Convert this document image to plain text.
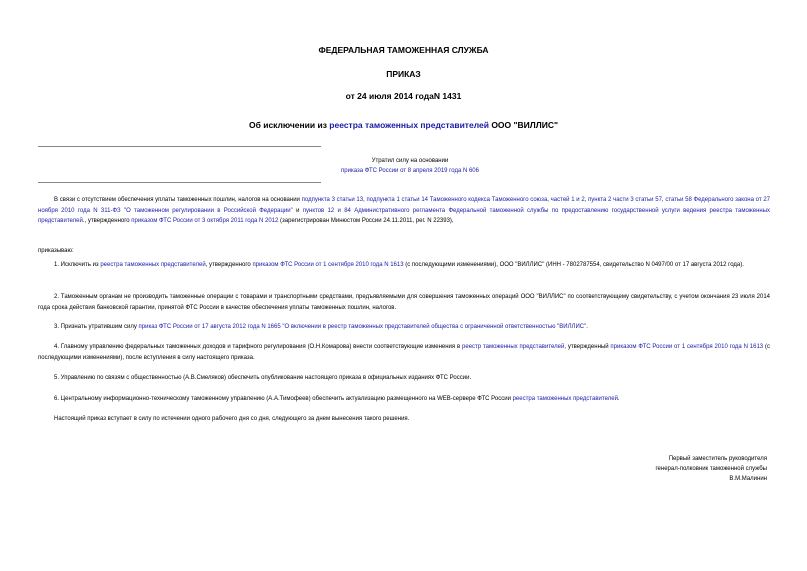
ФЕДЕРАЛЬНАЯ ТАМОЖЕННАЯ СЛУЖБА
ПРИКАЗ
от 24 июля 2014 годаN 1431
Об исключении из реестра таможенных представителей ООО "ВИЛЛИС"
Утратил силу на основании
приказа ФТС России от 8 апреля 2019 года N 606
В связи с отсутствием обеспечения уплаты таможенных пошлин, налогов на основании подпункта 3 статьи 13, подпункта 1 статьи 14 Таможенного кодекса Таможенного союза, частей 1 и 2, пункта 2 части 3 статьи 57, статьи 58 Федерального закона от 27 ноября 2010 года N 311-ФЗ "О таможенном регулировании в Российской Федерации" и пунктов 12 и 84 Административного регламента Федеральной таможенной службы по предоставлению государственной услуги ведения реестра таможенных представителей., утвержденного приказом ФТС России от 3 октября 2011 года N 2012 (зарегистрирован Минюстом России 24.11.2011, рег. N 22393),
приказываю:
1. Исключить из реестра таможенных представителей, утвержденного приказом ФТС России от 1 сентября 2010 года N 1613 (с последующими изменениями), ООО "ВИЛЛИС" (ИНН - 7802787554, свидетельство N 0497/00 от 17 августа 2012 года).
2. Таможенным органам не производить таможенные операции с товарами и транспортными средствами, предъявляемыми для совершения таможенных операций ООО "ВИЛЛИС" по соответствующему свидетельству, с учетом окончания 23 июля 2014 года срока действия банковской гарантии, принятой ФТС России в качестве обеспечения уплаты таможенных пошлин, налогов.
3. Признать утратившим силу приказ ФТС России от 17 августа 2012 года N 1665 "О включении в реестр таможенных представителей общества с ограниченной ответственностью "ВИЛЛИС".
4. Главному управлению федеральных таможенных доходов и тарифного регулирования (О.Н.Комарова) внести соответствующие изменения в реестр таможенных представителей, утвержденный приказом ФТС России от 1 сентября 2010 года N 1613 (с последующими изменениями), после вступления в силу настоящего приказа.
5. Управлению по связям с общественностью (А.В.Смеляков) обеспечить опубликование настоящего приказа в официальных изданиях ФТС России.
6. Центральному информационно-техническому таможенному управлению (А.А.Тимофеев) обеспечить актуализацию размещенного на WEB-сервере ФТС России реестра таможенных представителей.
Настоящий приказ вступает в силу по истечении одного рабочего дня со дня, следующего за днем вынесения такого решения.
Первый заместитель руководителя
генерал-полковник таможенной службы
В.М.Малинин
